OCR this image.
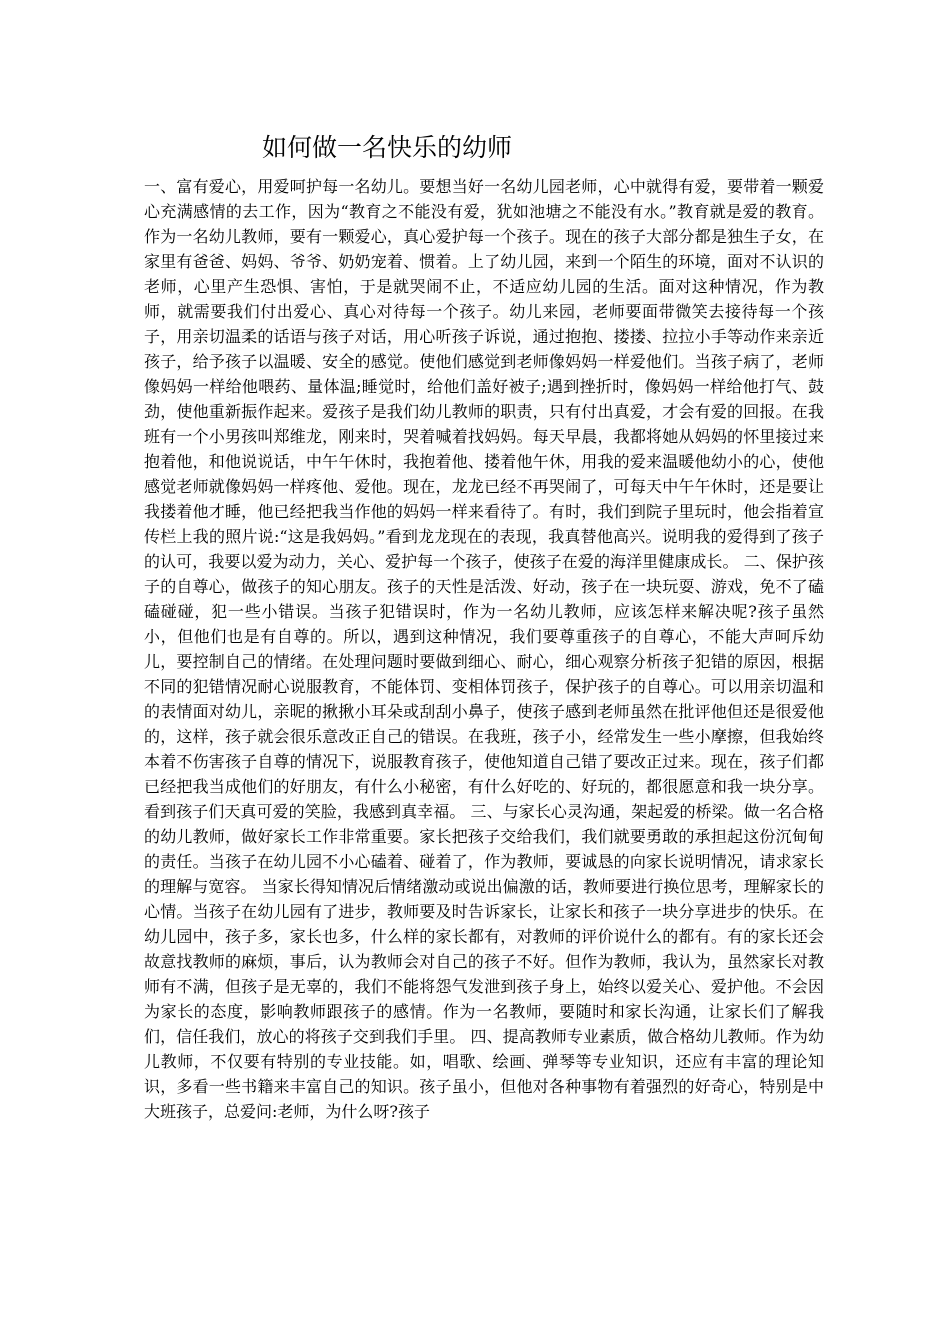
如何做一名快乐的幼师
一、富有爱心，用爱呵护每一名幼儿。要想当好一名幼儿园老师，心中就得有爱，要带着一颗爱心充满感情的去工作，因为“教育之不能没有爱，犹如池塘之不能没有水。”教育就是爱的教育。作为一名幼儿教师，要有一颗爱心，真心爱护每一个孩子。现在的孩子大部分都是独生子女，在家里有爸爸、妈妈、爷爷、奶奶宠着、惯着。上了幼儿园，来到一个陌生的环境，面对不认识的老师，心里产生恐惧、害怕，于是就哭闹不止，不适应幼儿园的生活。面对这种情况，作为教师，就需要我们付出爱心、真心对待每一个孩子。幼儿来园，老师要面带微笑去接待每一个孩子，用亲切温柔的话语与孩子对话，用心听孩子诉说，通过抱抱、搂搂、拉拉小手等动作来亲近孩子，给予孩子以温暖、安全的感觉。使他们感觉到老师像妈妈一样爱他们。当孩子病了，老师像妈妈一样给他喂药、量体温;睡觉时，给他们盖好被子;遇到挫折时，像妈妈一样给他打气、鼓劲，使他重新振作起来。爱孩子是我们幼儿教师的职责，只有付出真爱，才会有爱的回报。在我班有一个小男孩叫郑维龙，刚来时，哭着喊着找妈妈。每天早晨，我都将她从妈妈的怀里接过来抱着他，和他说说话，中午午休时，我抱着他、搂着他午休，用我的爱来温暖他幼小的心，使他感觉老师就像妈妈一样疼他、爱他。现在，龙龙已经不再哭闹了，可每天中午午休时，还是要让我搂着他才睡，他已经把我当作他的妈妈一样来看待了。有时，我们到院子里玩时，他会指着宣传栏上我的照片说:“这是我妈妈。”看到龙龙现在的表现，我真替他高兴。说明我的爱得到了孩子的认可，我要以爱为动力，关心、爱护每一个孩子，使孩子在爱的海洋里健康成长。 二、保护孩子的自尊心，做孩子的知心朋友。孩子的天性是活泼、好动，孩子在一块玩耍、游戏，免不了磕磕碰碰，犯一些小错误。当孩子犯错误时，作为一名幼儿教师，应该怎样来解决呢?孩子虽然小，但他们也是有自尊的。所以，遇到这种情况，我们要尊重孩子的自尊心，不能大声呵斥幼儿，要控制自己的情绪。在处理问题时要做到细心、耐心，细心观察分析孩子犯错的原因，根据不同的犯错情况耐心说服教育，不能体罚、变相体罚孩子，保护孩子的自尊心。可以用亲切温和的表情面对幼儿，亲昵的揪揪小耳朵或刮刮小鼻子，使孩子感到老师虽然在批评他但还是很爱他的，这样，孩子就会很乐意改正自己的错误。在我班，孩子小，经常发生一些小摩擦，但我始终本着不伤害孩子自尊的情况下，说服教育孩子，使他知道自己错了要改正过来。现在，孩子们都已经把我当成他们的好朋友，有什么小秘密，有什么好吃的、好玩的，都很愿意和我一块分享。看到孩子们天真可爱的笑脸，我感到真幸福。 三、与家长心灵沟通，架起爱的桥梁。做一名合格的幼儿教师，做好家长工作非常重要。家长把孩子交给我们，我们就要勇敢的承担起这份沉甸甸的责任。当孩子在幼儿园不小心磕着、碰着了，作为教师，要诚恳的向家长说明情况，请求家长的理解与宽容。 当家长得知情况后情绪激动或说出偏激的话，教师要进行换位思考，理解家长的心情。当孩子在幼儿园有了进步，教师要及时告诉家长，让家长和孩子一块分享进步的快乐。在幼儿园中，孩子多，家长也多，什么样的家长都有，对教师的评价说什么的都有。有的家长还会故意找教师的麻烦，事后，认为教师会对自己的孩子不好。但作为教师，我认为，虽然家长对教师有不满，但孩子是无辜的，我们不能将怨气发泄到孩子身上，始终以爱关心、爱护他。不会因为家长的态度，影响教师跟孩子的感情。作为一名教师，要随时和家长沟通，让家长们了解我们，信任我们，放心的将孩子交到我们手里。 四、提高教师专业素质，做合格幼儿教师。作为幼儿教师，不仅要有特别的专业技能。如，唱歌、绘画、弹琴等专业知识，还应有丰富的理论知识，多看一些书籍来丰富自己的知识。孩子虽小，但他对各种事物有着强烈的好奇心，特别是中大班孩子，总爱问:老师，为什么呀?孩子
